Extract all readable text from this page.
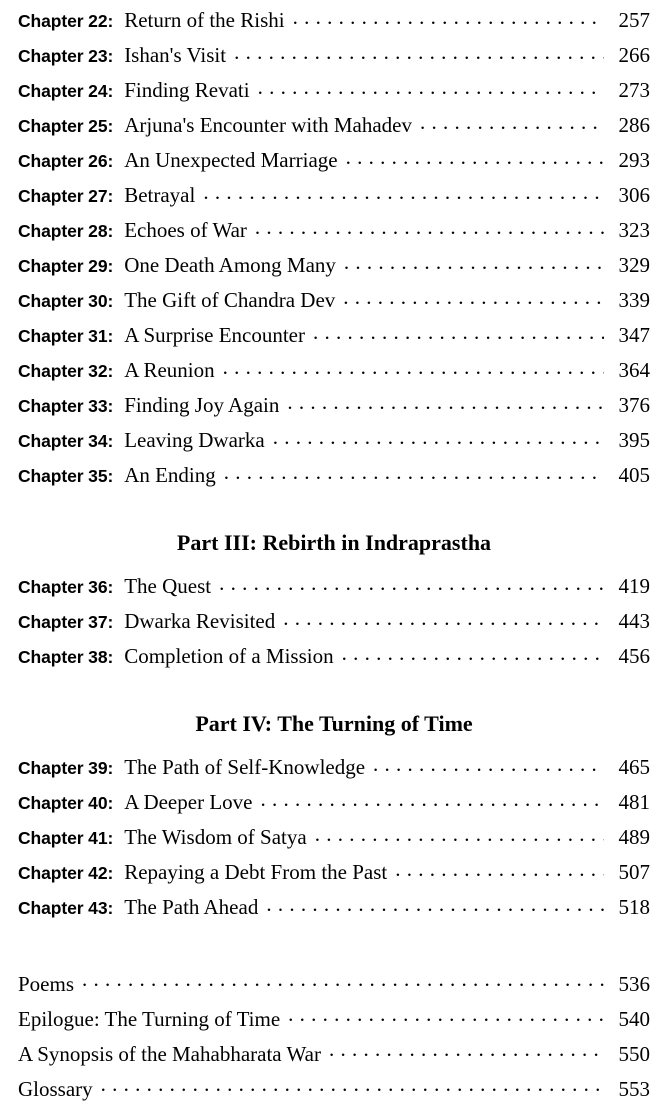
Chapter 22: Return of the Rishi . . .	257
Chapter 23: Ishan's Visit . . .	266
Chapter 24: Finding Revati . . .	273
Chapter 25: Arjuna's Encounter with Mahadev . . .	286
Chapter 26: An Unexpected Marriage . . .	293
Chapter 27: Betrayal . . .	306
Chapter 28: Echoes of War . . .	323
Chapter 29: One Death Among Many . . .	329
Chapter 30: The Gift of Chandra Dev . . .	339
Chapter 31: A Surprise Encounter . . .	347
Chapter 32: A Reunion . . .	364
Chapter 33: Finding Joy Again . . .	376
Chapter 34: Leaving Dwarka . . .	395
Chapter 35: An Ending . . .	405
Part III: Rebirth in Indraprastha
Chapter 36: The Quest . . .	419
Chapter 37: Dwarka Revisited . . .	443
Chapter 38: Completion of a Mission . . .	456
Part IV: The Turning of Time
Chapter 39: The Path of Self-Knowledge . . .	465
Chapter 40: A Deeper Love . . .	481
Chapter 41: The Wisdom of Satya . . .	489
Chapter 42: Repaying a Debt From the Past . . .	507
Chapter 43: The Path Ahead . . .	518
Poems . . .	536
Epilogue: The Turning of Time . . .	540
A Synopsis of the Mahabharata War . . .	550
Glossary . . .	553
